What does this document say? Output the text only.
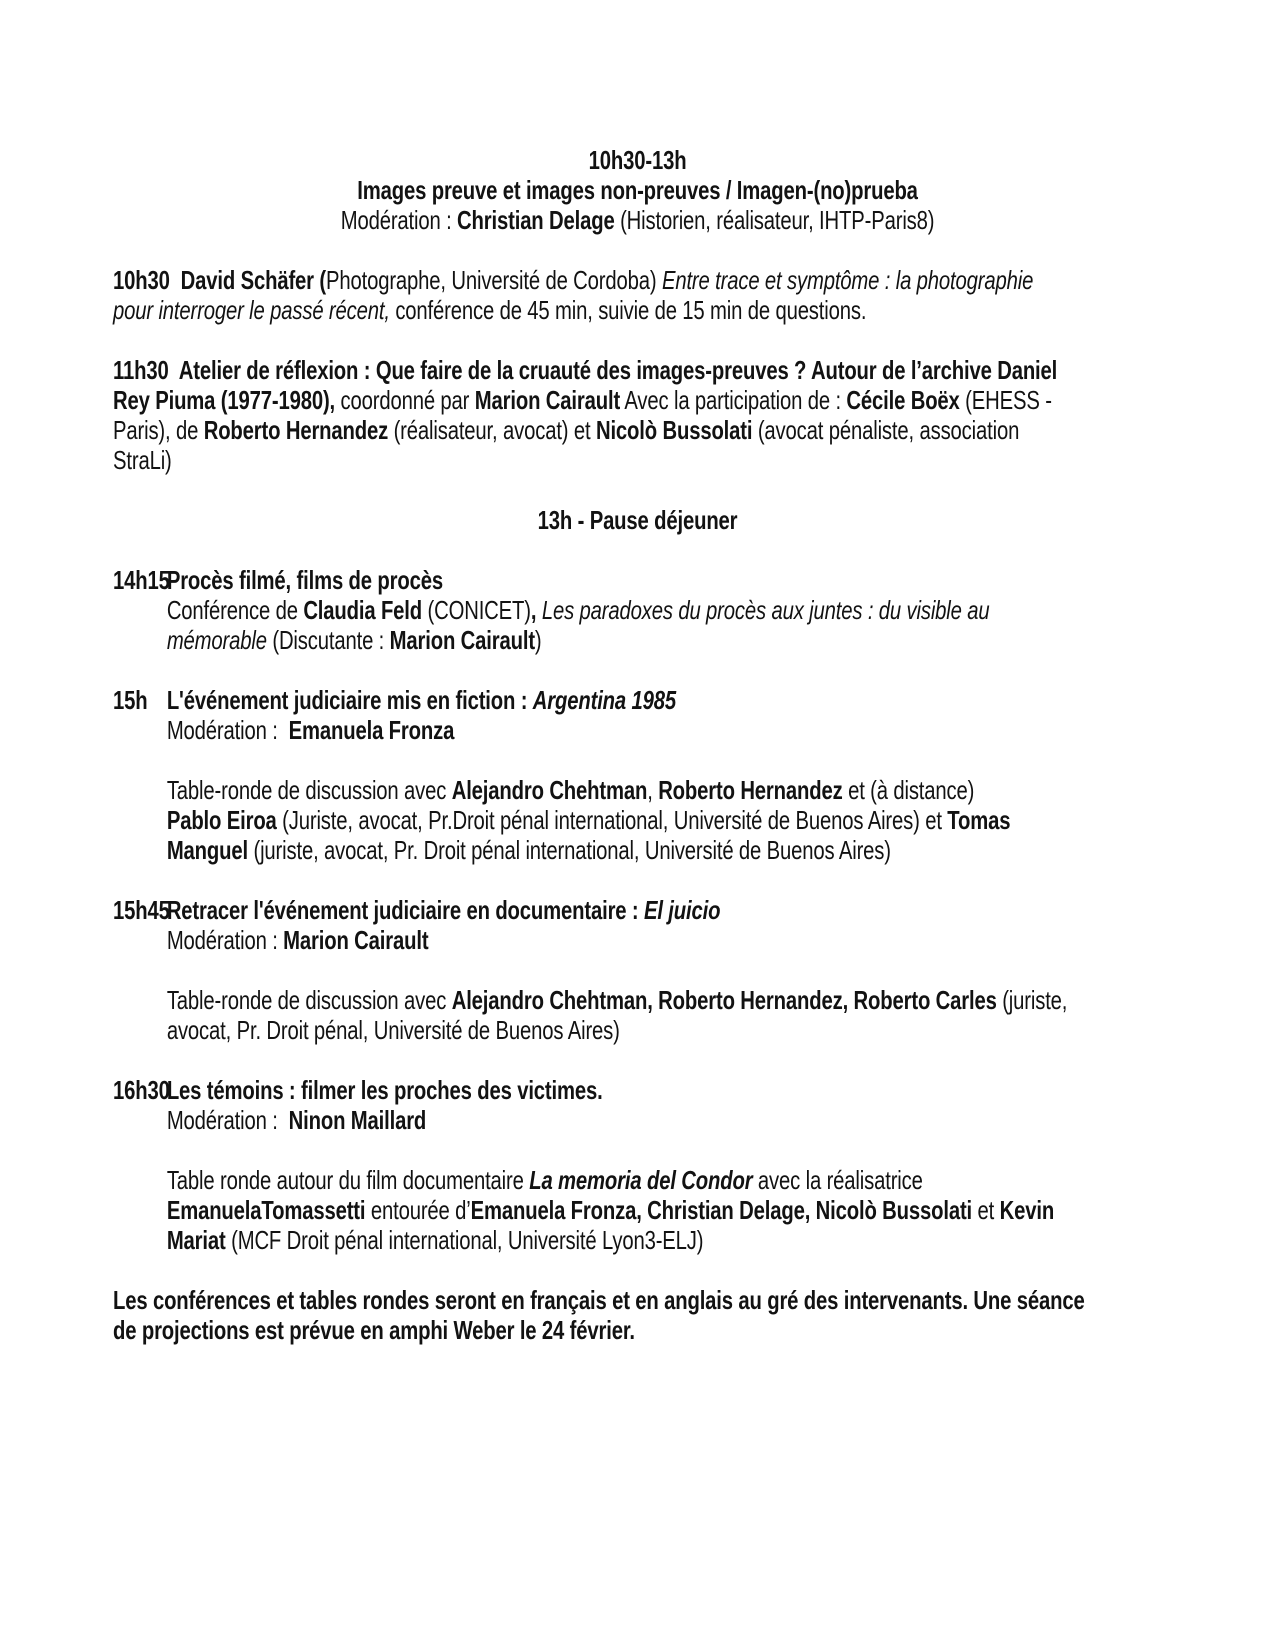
10h30-13h
Images preuve et images non-preuves / Imagen-(no)prueba
Modération : Christian Delage (Historien, réalisateur, IHTP-Paris8)
10h30  David Schäfer (Photographe, Université de Cordoba) Entre trace et symptôme : la photographie
pour interroger le passé récent, conférence de 45 min, suivie de 15 min de questions.
11h30  Atelier de réflexion : Que faire de la cruauté des images-preuves ? Autour de l’archive Daniel
Rey Piuma (1977-1980), coordonné par Marion Cairault Avec la participation de : Cécile Boëx (EHESS -
Paris), de Roberto Hernandez (réalisateur, avocat) et Nicolò Bussolati (avocat pénaliste, association
StraLi)
13h - Pause déjeuner
14h15Procès filmé, films de procès
Conférence de Claudia Feld (CONICET), Les paradoxes du procès aux juntes : du visible au
mémorable (Discutante : Marion Cairault)
15h L'événement judiciaire mis en fiction : Argentina 1985
Modération :  Emanuela Fronza
Table-ronde de discussion avec Alejandro Chehtman, Roberto Hernandez et (à distance)
Pablo Eiroa (Juriste, avocat, Pr.Droit pénal international, Université de Buenos Aires) et Tomas
Manguel (juriste, avocat, Pr. Droit pénal international, Université de Buenos Aires)
15h45Retracer l'événement judiciaire en documentaire : El juicio
Modération : Marion Cairault
Table-ronde de discussion avec Alejandro Chehtman, Roberto Hernandez, Roberto Carles (juriste,
avocat, Pr. Droit pénal, Université de Buenos Aires)
16h30Les témoins : filmer les proches des victimes.
Modération :  Ninon Maillard
Table ronde autour du film documentaire La memoria del Condor avec la réalisatrice
EmanuelaTomassetti entourée d’Emanuela Fronza, Christian Delage, Nicolò Bussolati et Kevin
Mariat (MCF Droit pénal international, Université Lyon3-ELJ)
Les conférences et tables rondes seront en français et en anglais au gré des intervenants. Une séance
de projections est prévue en amphi Weber le 24 février.
